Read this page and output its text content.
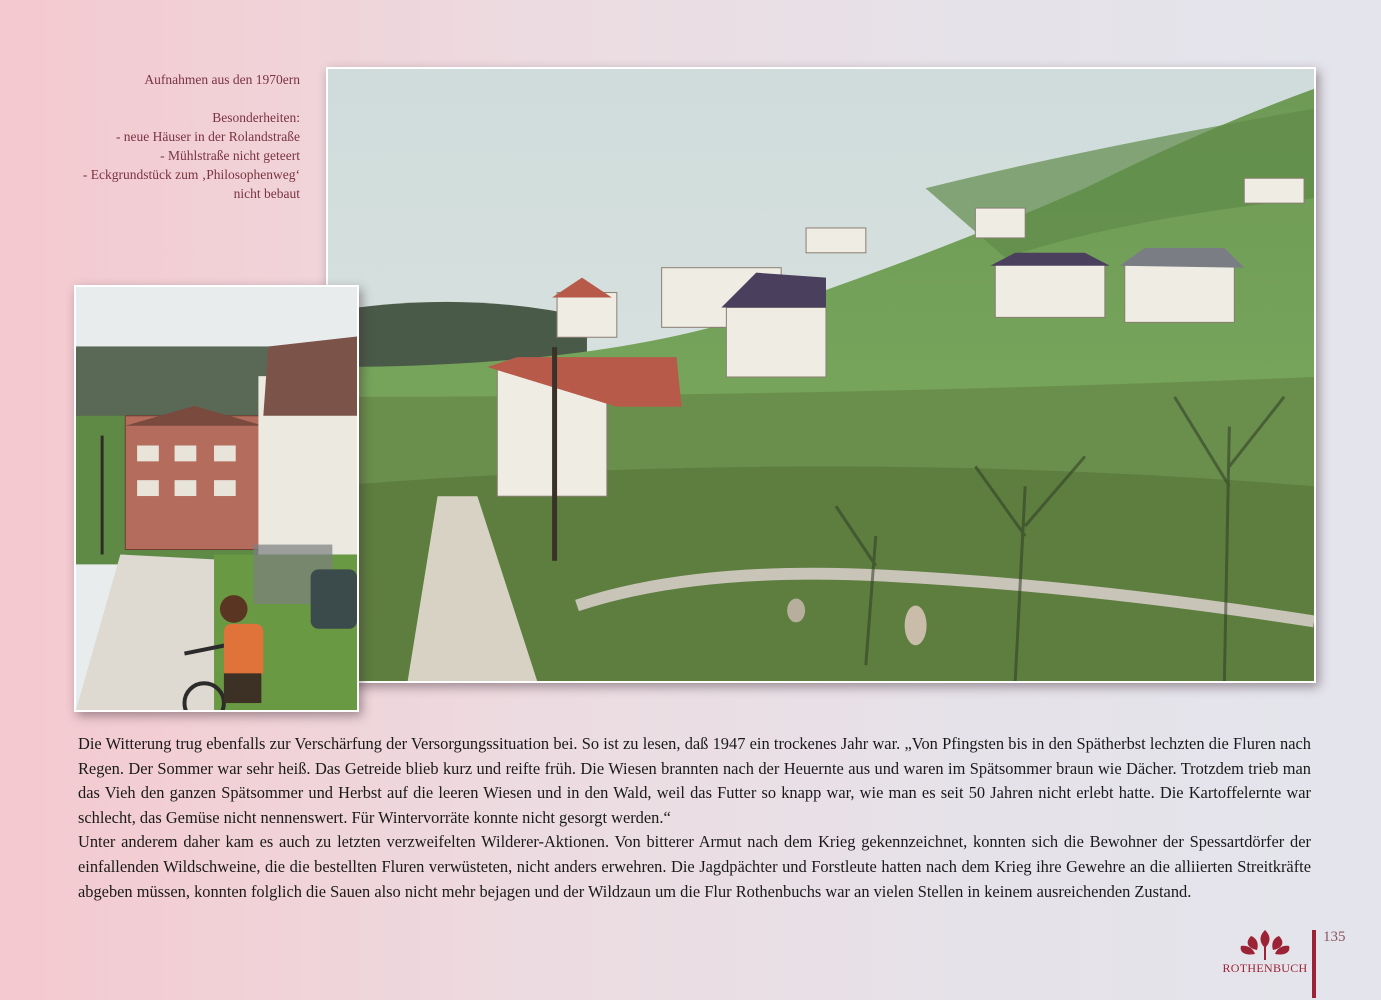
Aufnahmen aus den 1970ern
Besonderheiten:
- neue Häuser in der Rolandstraße
- Mühlstraße nicht geteert
- Eckgrundstück zum ‚Philosophenweg‘
nicht bebaut

Die Witterung trug ebenfalls zur Verschärfung der Versorgungssituation bei. So ist zu lesen, daß 1947 ein trockenes Jahr war. „Von Pfingsten bis in den Spätherbst lechzten die Fluren nach Regen. Der Sommer war sehr heiß. Das Getreide blieb kurz und reifte früh. Die Wiesen brannten nach der Heuernte aus und waren im Spätsommer braun wie Dächer. Trotzdem trieb man das Vieh den ganzen Spätsommer und Herbst auf die leeren Wiesen und in den Wald, weil das Futter so knapp war, wie man es seit 50 Jahren nicht erlebt hatte. Die Kartoffelernte war schlecht, das Gemüse nicht nennenswert. Für Wintervorräte konnte nicht gesorgt werden.“

Unter anderem daher kam es auch zu letzten verzweifelten Wilderer-Aktionen. Von bitterer Armut nach dem Krieg gekennzeichnet, konnten sich die Bewohner der Spessartdörfer der einfallenden Wildschweine, die die bestellten Fluren verwüsteten, nicht anders erwehren. Die Jagdpächter und Forstleute hatten nach dem Krieg ihre Gewehre an die alliierten Streitkräfte abgeben müssen, konnten folglich die Sauen also nicht mehr bejagen und der Wildzaun um die Flur Rothenbuchs war an vielen Stellen in keinem ausreichenden Zustand.

ROTHENBUCH
135
